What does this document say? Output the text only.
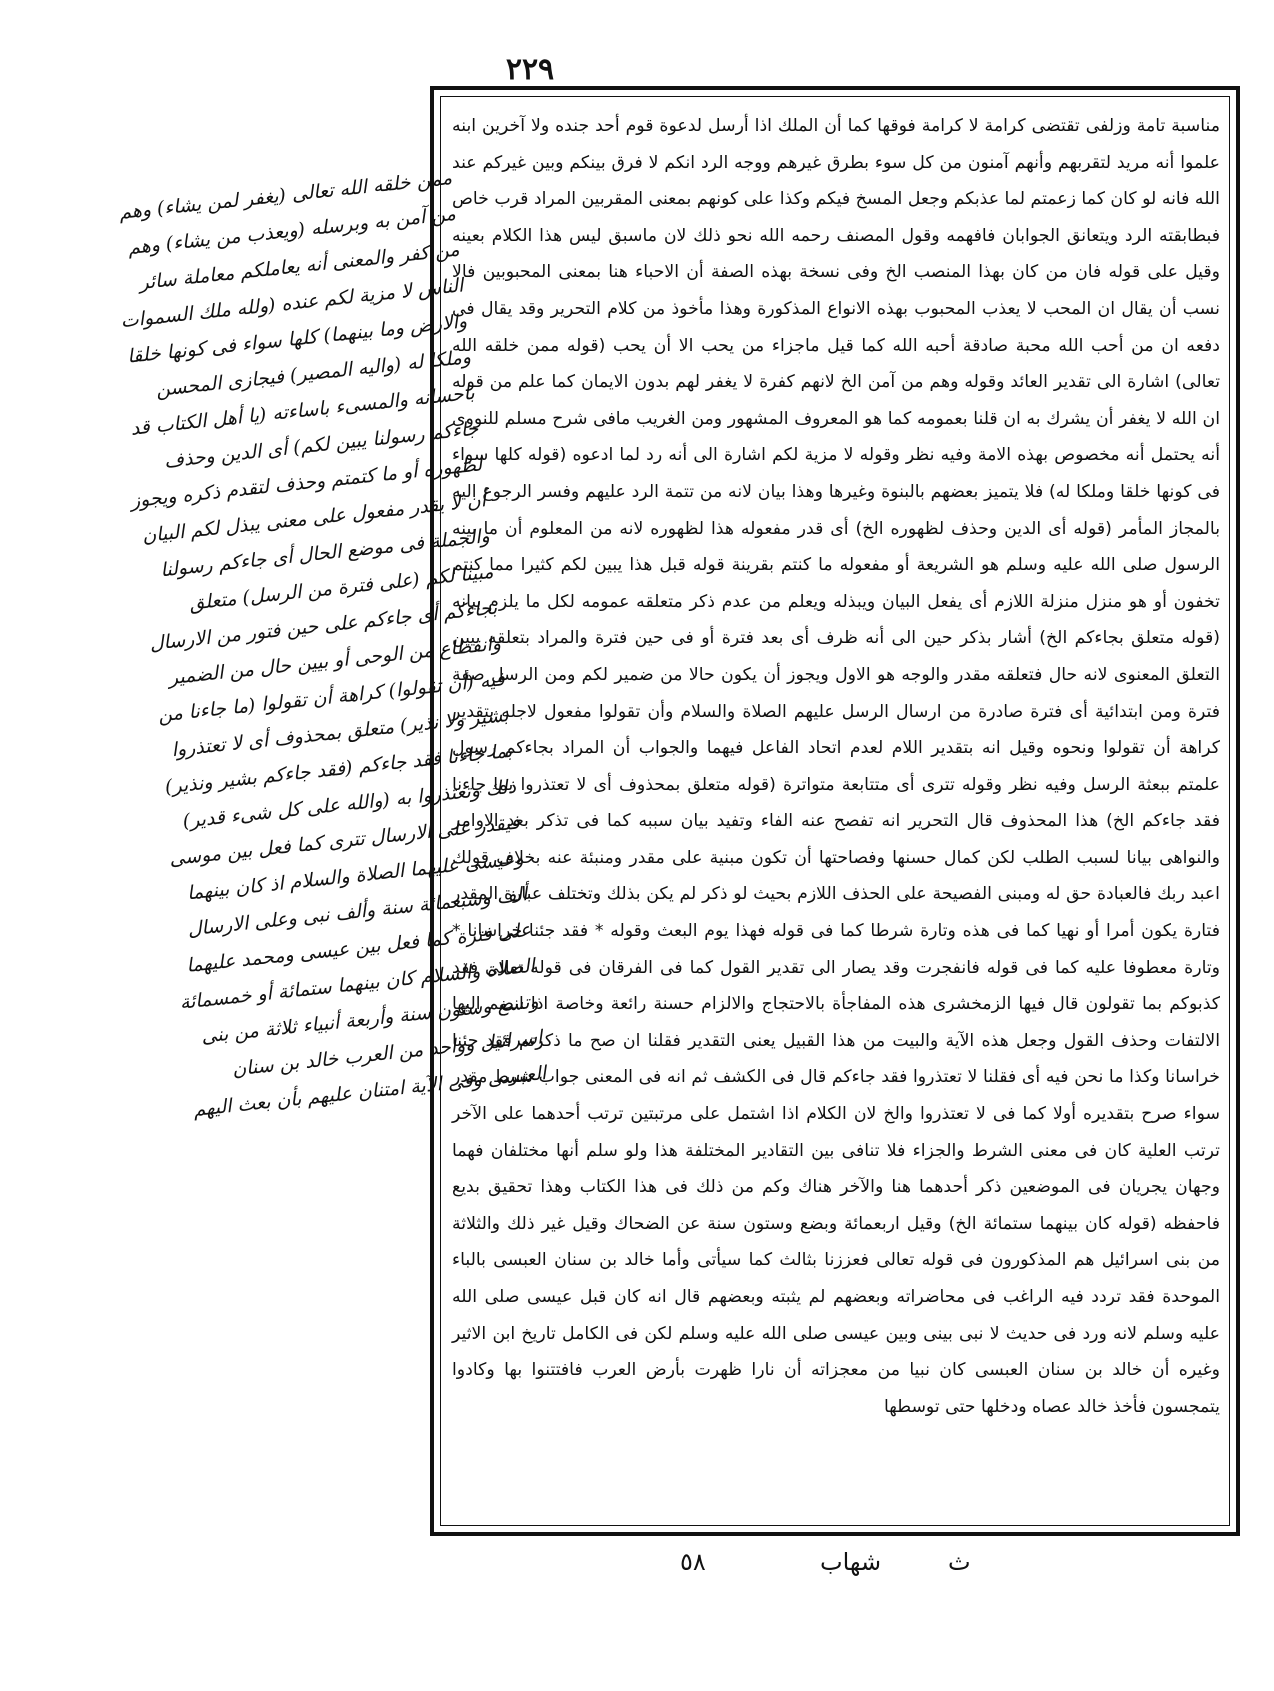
٢٢٩

ممن خلقه الله تعالى (يغفر لمن يشاء) وهم من آمن به وبرسله (ويعذب من يشاء) وهم من كفر والمعنى أنه يعاملكم معاملة سائر الناس لا مزية لكم عنده (ولله ملك السموات والارض وما بينهما) كلها سواء فى كونها خلقا وملكا له (واليه المصير) فيجازى المحسن باحسانه والمسىء باساءته (يا أهل الكتاب قد جاءكم رسولنا يبين لكم) أى الدين وحذف لظهوره أو ما كتمتم وحذف لتقدم ذكره ويجوز أن لا يقدر مفعول على معنى يبذل لكم البيان والجملة فى موضع الحال أى جاءكم رسولنا مبينا لكم (على فترة من الرسل) متعلق بجاءكم أى جاءكم على حين فتور من الارسال وانقطاع من الوحى أو بيين حال من الضمير فيه (أن تقولوا) كراهة أن تقولوا (ما جاءنا من بشير ولا نذير) متعلق بمحذوف أى لا تعتذروا بما جاءنا فقد جاءكم (فقد جاءكم بشير ونذير) ذلك وتعتذروا به (والله على كل شىء قدير) فيقدر على الارسال تترى كما فعل بين موسى وعيسى عليهما الصلاة والسلام اذ كان بينهما ألف وسبعمائة سنة وألف نبى وعلى الارسال على فترة كما فعل بين عيسى ومحمد عليهما الصلاة والسلام كان بينهما ستمائة أو خمسمائة وتسع وستون سنة وأربعة أنبياء ثلاثة من بنى اسرائيل وواحد من العرب خالد بن سنان العبسى وفى الآية امتنان عليهم بأن بعث اليهم

مناسبة تامة وزلفى تقتضى كرامة لا كرامة فوقها كما أن الملك اذا أرسل لدعوة قوم أحد جنده ولا آخرين ابنه علموا أنه مريد لتقربهم وأنهم آمنون من كل سوء بطرق غيرهم ووجه الرد انكم لا فرق بينكم وبين غيركم عند الله فانه لو كان كما زعمتم لما عذبكم وجعل المسخ فيكم وكذا على كونهم بمعنى المقربين المراد قرب خاص فبطابقته الرد ويتعانق الجوابان فافهمه وقول المصنف رحمه الله نحو ذلك لان ماسبق ليس هذا الكلام بعينه وقيل على قوله فان من كان بهذا المنصب الخ وفى نسخة بهذه الصفة أن الاحباء هنا بمعنى المحبوبين فالا نسب أن يقال ان المحب لا يعذب المحبوب بهذه الانواع المذكورة وهذا مأخوذ من كلام التحرير وقد يقال فى دفعه ان من أحب الله محبة صادقة أحبه الله كما قيل ماجزاء من يحب الا أن يحب (قوله ممن خلقه الله تعالى) اشارة الى تقدير العائد وقوله وهم من آمن الخ لانهم كفرة لا يغفر لهم بدون الايمان كما علم من قوله ان الله لا يغفر أن يشرك به ان قلنا بعمومه كما هو المعروف المشهور ومن الغريب مافى شرح مسلم للنووى أنه يحتمل أنه مخصوص بهذه الامة وفيه نظر وقوله لا مزية لكم اشارة الى أنه رد لما ادعوه (قوله كلها سواء فى كونها خلقا وملكا له) فلا يتميز بعضهم بالبنوة وغيرها وهذا بيان لانه من تتمة الرد عليهم وفسر الرجوع اليه بالمجاز المأمر (قوله أى الدين وحذف لظهوره الخ) أى قدر مفعوله هذا لظهوره لانه من المعلوم أن ما بينه الرسول صلى الله عليه وسلم هو الشريعة أو مفعوله ما كنتم بقرينة قوله قبل هذا يبين لكم كثيرا مما كنتم تخفون أو هو منزل منزلة اللازم أى يفعل البيان ويبذله ويعلم من عدم ذكر متعلقه عمومه لكل ما يلزم بيانه (قوله متعلق بجاءكم الخ) أشار بذكر حين الى أنه ظرف أى بعد فترة أو فى حين فترة والمراد بتعلقه بيين التعلق المعنوى لانه حال فتعلقه مقدر والوجه هو الاول ويجوز أن يكون حالا من ضمير لكم ومن الرسل صفة فترة ومن ابتدائية أى فترة صادرة من ارسال الرسل عليهم الصلاة والسلام وأن تقولوا مفعول لاجله بتقدير كراهة أن تقولوا ونحوه وقيل انه بتقدير اللام لعدم اتحاد الفاعل فيهما والجواب أن المراد بجاءكم رسول علمتم ببعثة الرسل وفيه نظر وقوله تترى أى متتابعة متواترة (قوله متعلق بمحذوف أى لا تعتذروا بما جاءنا فقد جاءكم الخ) هذا المحذوف قال التحرير انه تفصح عنه الفاء وتفيد بيان سببه كما فى تذكر بعد الاوامر والنواهى بيانا لسبب الطلب لكن كمال حسنها وفصاحتها أن تكون مبنية على مقدر ومنبئة عنه بخلاف قولك اعبد ربك فالعبادة حق له ومبنى الفصيحة على الحذف اللازم بحيث لو ذكر لم يكن بذلك وتختلف عبارة المقدر فتارة يكون أمرا أو نهيا كما فى هذه وتارة شرطا كما فى قوله فهذا يوم البعث وقوله * فقد جئنا خراسانا * وتارة معطوفا عليه كما فى قوله فانفجرت وقد يصار الى تقدير القول كما فى الفرقان فى قوله تعالى فقد كذبوكم بما تقولون قال فيها الزمخشرى هذه المفاجأة بالاحتجاج والالزام حسنة رائعة وخاصة اذا انضم اليها الالتفات وحذف القول وجعل هذه الآية والبيت من هذا القبيل يعنى التقدير فقلنا ان صح ما ذكرتم فقد جئنا خراسانا وكذا ما نحن فيه أى فقلنا لا تعتذروا فقد جاءكم قال فى الكشف ثم انه فى المعنى جواب شرط مقدر سواء صرح بتقديره أولا كما فى لا تعتذروا والخ لان الكلام اذا اشتمل على مرتبتين ترتب أحدهما على الآخر ترتب العلية كان فى معنى الشرط والجزاء فلا تنافى بين التقادير المختلفة هذا ولو سلم أنها مختلفان فهما وجهان يجريان فى الموضعين ذكر أحدهما هنا والآخر هناك وكم من ذلك فى هذا الكتاب وهذا تحقيق بديع فاحفظه (قوله كان بينهما ستمائة الخ) وقيل اربعمائة وبضع وستون سنة عن الضحاك وقيل غير ذلك والثلاثة من بنى اسرائيل هم المذكورون فى قوله تعالى فعززنا بثالث كما سيأتى وأما خالد بن سنان العبسى بالباء الموحدة فقد تردد فيه الراغب فى محاضراته وبعضهم لم يثبته وبعضهم قال انه كان قبل عيسى صلى الله عليه وسلم لانه ورد فى حديث لا نبى بينى وبين عيسى صلى الله عليه وسلم لكن فى الكامل تاريخ ابن الاثير وغيره أن خالد بن سنان العبسى كان نبيا من معجزاته أن نارا ظهرت بأرض العرب فافتتنوا بها وكادوا يتمجسون فأخذ خالد عصاه ودخلها حتى توسطها

٥٨	شهاب	ث
